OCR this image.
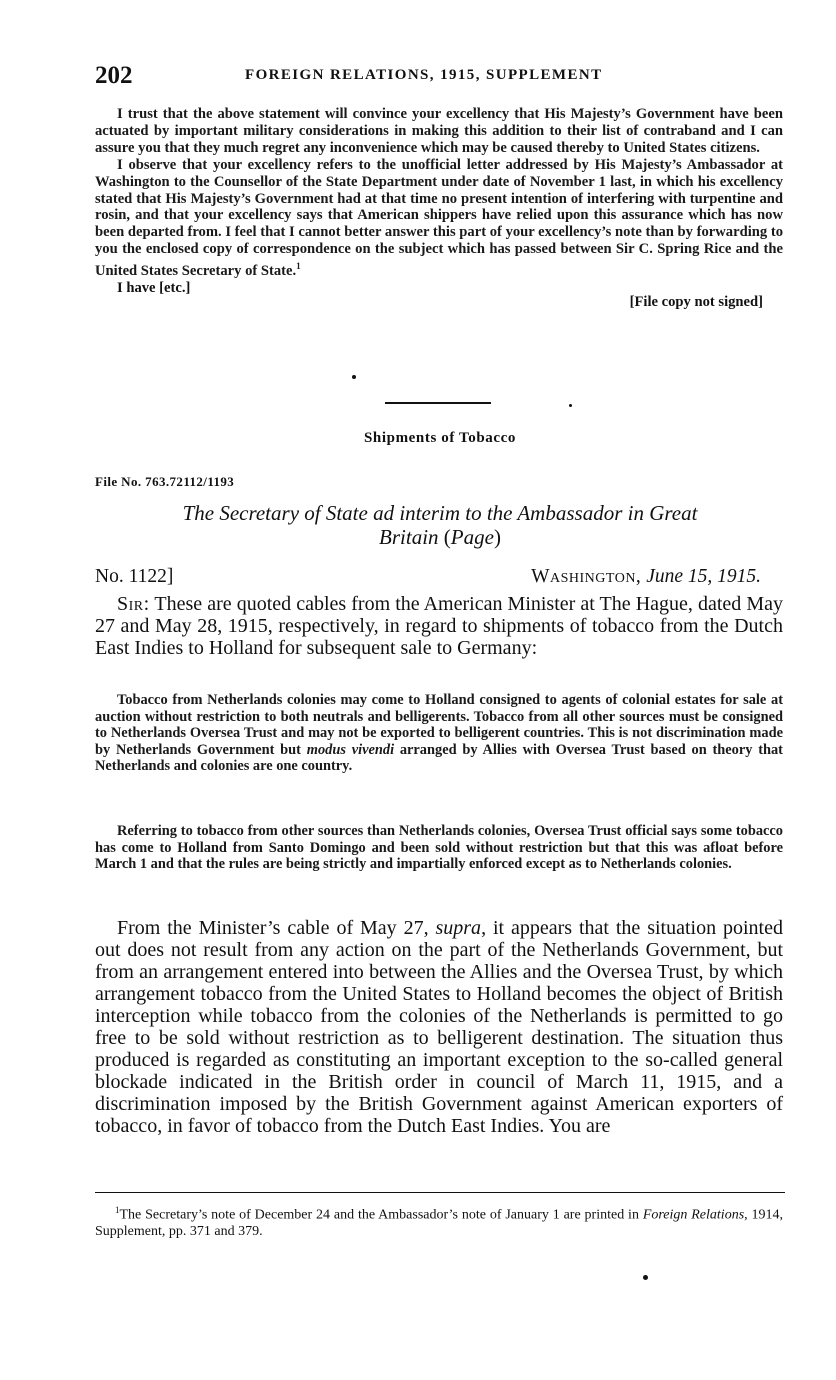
202	FOREIGN RELATIONS, 1915, SUPPLEMENT

I trust that the above statement will convince your excellency that His Majesty’s Government have been actuated by important military considerations in making this addition to their list of contraband and I can assure you that they much regret any inconvenience which may be caused thereby to United States citizens.

I observe that your excellency refers to the unofficial letter addressed by His Majesty’s Ambassador at Washington to the Counsellor of the State Department under date of November 1 last, in which his excellency stated that His Majesty’s Government had at that time no present intention of interfering with turpentine and rosin, and that your excellency says that American shippers have relied upon this assurance which has now been departed from. I feel that I cannot better answer this part of your excellency’s note than by forwarding to you the enclosed copy of correspondence on the subject which has passed between Sir C. Spring Rice and the United States Secretary of State.$^1$

I have [etc.]
[File copy not signed]
Shipments of Tobacco
File No. 763.72112/1193
The Secretary of State ad interim to the Ambassador in Great
Britain (Page)
No. 1122]	Washington, June 15, 1915.

Sir: These are quoted cables from the American Minister at The Hague, dated May 27 and May 28, 1915, respectively, in regard to shipments of tobacco from the Dutch East Indies to Holland for subsequent sale to Germany:

Tobacco from Netherlands colonies may come to Holland consigned to agents of colonial estates for sale at auction without restriction to both neutrals and belligerents. Tobacco from all other sources must be consigned to Netherlands Oversea Trust and may not be exported to belligerent countries. This is not discrimination made by Netherlands Government but modus vivendi arranged by Allies with Oversea Trust based on theory that Netherlands and colonies are one country.

Referring to tobacco from other sources than Netherlands colonies, Oversea Trust official says some tobacco has come to Holland from Santo Domingo and been sold without restriction but that this was afloat before March 1 and that the rules are being strictly and impartially enforced except as to Netherlands colonies.

From the Minister’s cable of May 27, supra, it appears that the situation pointed out does not result from any action on the part of the Netherlands Government, but from an arrangement entered into between the Allies and the Oversea Trust, by which arrangement tobacco from the United States to Holland becomes the object of British interception while tobacco from the colonies of the Netherlands is permitted to go free to be sold without restriction as to belligerent destination. The situation thus produced is regarded as constituting an important exception to the so-called general blockade indicated in the British order in council of March 11, 1915, and a discrimination imposed by the British Government against American exporters of tobacco, in favor of tobacco from the Dutch East Indies. You are

$^1$The Secretary’s note of December 24 and the Ambassador’s note of January 1 are printed in Foreign Relations, 1914, Supplement, pp. 371 and 379.
